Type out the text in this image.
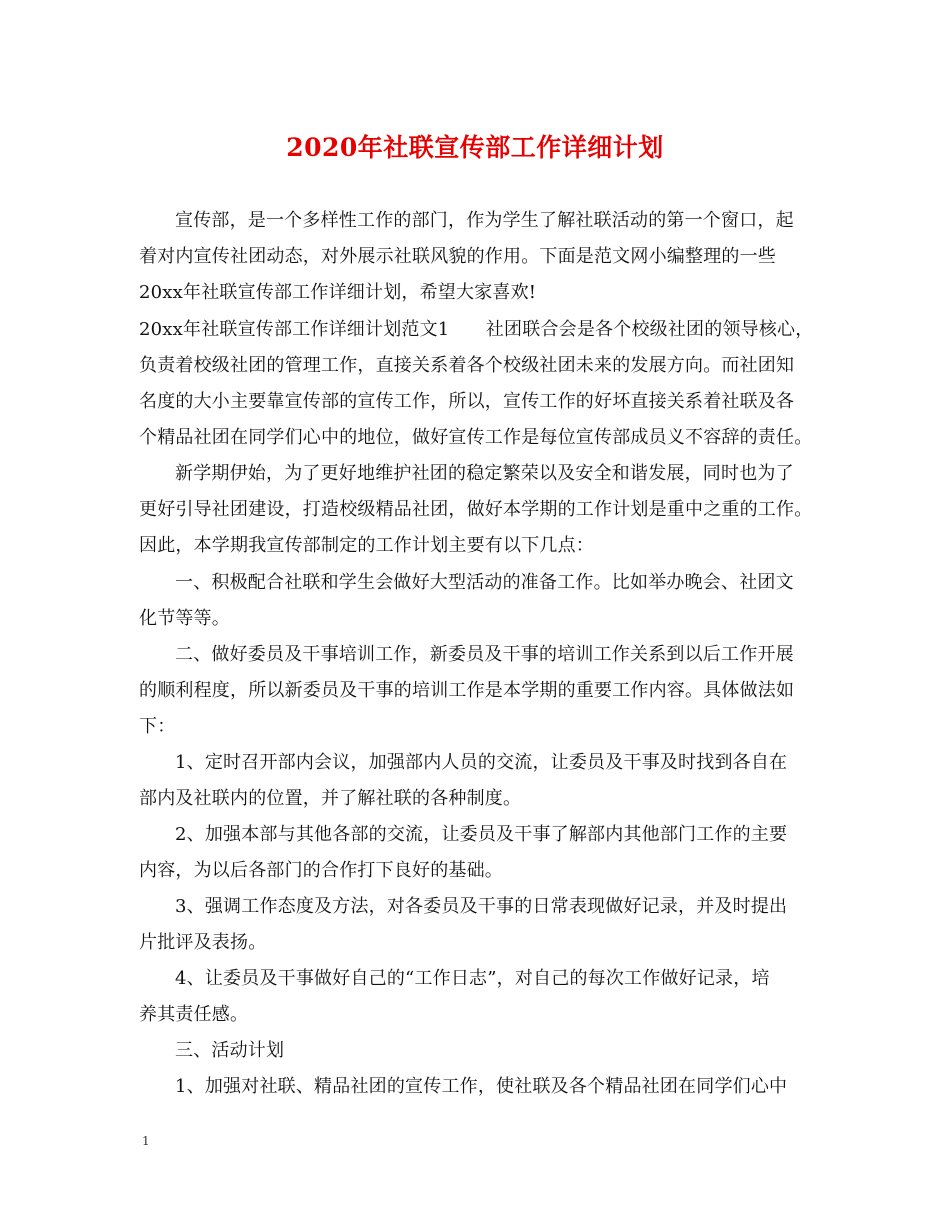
2020年社联宣传部工作详细计划
宣传部，是一个多样性工作的部门，作为学生了解社联活动的第一个窗口，起
着对内宣传社团动态，对外展示社联风貌的作用。下面是范文网小编整理的一些
20xx年社联宣传部工作详细计划，希望大家喜欢!
20xx年社联宣传部工作详细计划范文1　　社团联合会是各个校级社团的领导核心，
负责着校级社团的管理工作，直接关系着各个校级社团未来的发展方向。而社团知
名度的大小主要靠宣传部的宣传工作，所以，宣传工作的好坏直接关系着社联及各
个精品社团在同学们心中的地位，做好宣传工作是每位宣传部成员义不容辞的责任。
新学期伊始，为了更好地维护社团的稳定繁荣以及安全和谐发展，同时也为了
更好引导社团建设，打造校级精品社团，做好本学期的工作计划是重中之重的工作。
因此，本学期我宣传部制定的工作计划主要有以下几点：
一、积极配合社联和学生会做好大型活动的准备工作。比如举办晚会、社团文
化节等等。
二、做好委员及干事培训工作，新委员及干事的培训工作关系到以后工作开展
的顺利程度，所以新委员及干事的培训工作是本学期的重要工作内容。具体做法如
下：
1、定时召开部内会议，加强部内人员的交流，让委员及干事及时找到各自在
部内及社联内的位置，并了解社联的各种制度。
2、加强本部与其他各部的交流，让委员及干事了解部内其他部门工作的主要
内容，为以后各部门的合作打下良好的基础。
3、强调工作态度及方法，对各委员及干事的日常表现做好记录，并及时提出
片批评及表扬。
4、让委员及干事做好自己的“工作日志”，对自己的每次工作做好记录，培
养其责任感。
三、活动计划
1、加强对社联、精品社团的宣传工作，使社联及各个精品社团在同学们心中
1
